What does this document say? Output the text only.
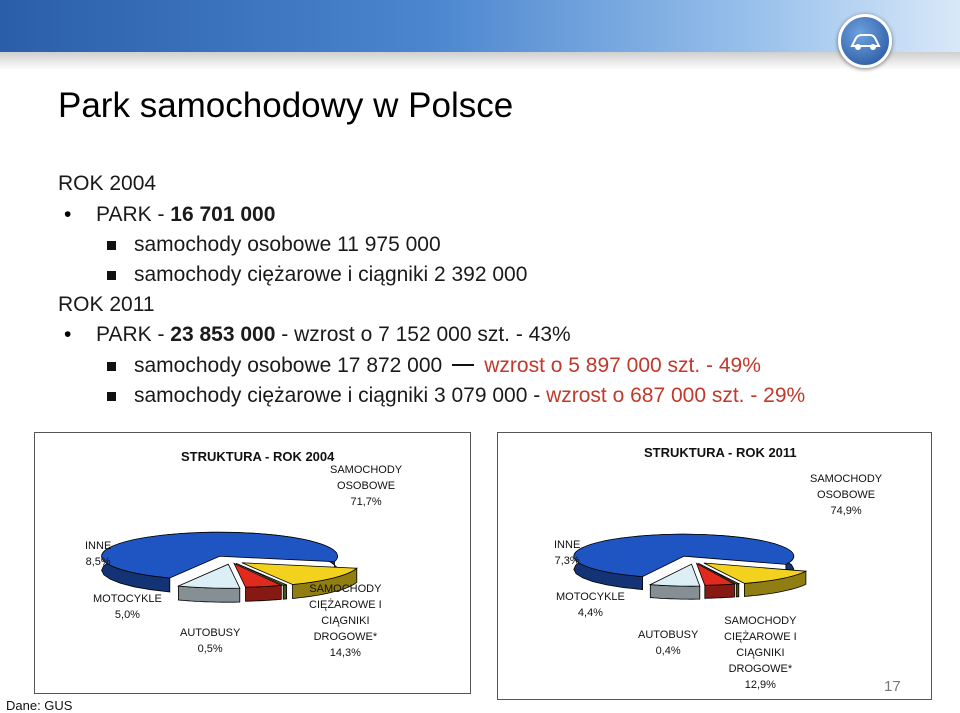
Park samochodowy w Polsce
ROK 2004
• PARK - 16 701 000
samochody osobowe 11 975 000
samochody ciężarowe i ciągniki 2 392 000
ROK 2011
• PARK - 23 853 000 - wzrost o 7 152 000 szt. - 43%
samochody osobowe 17 872 000 wzrost o 5 897 000 szt. - 49%
samochody ciężarowe i ciągniki 3 079 000 - wzrost o 687 000 szt. - 29%
STRUKTURA - ROK 2004
SAMOCHODY
OSOBOWE
71,7%
INNE
8,5%
MOTOCYKLE
5,0%
AUTOBUSY
0,5%
SAMOCHODY
CIĘŻAROWE I
CIĄGNIKI
DROGOWE*
14,3%
STRUKTURA - ROK 2011
SAMOCHODY
OSOBOWE
74,9%
INNE
7,3%
MOTOCYKLE
4,4%
AUTOBUSY
0,4%
SAMOCHODY
CIĘŻAROWE I
CIĄGNIKI
DROGOWE*
12,9%
Dane: GUS
17
